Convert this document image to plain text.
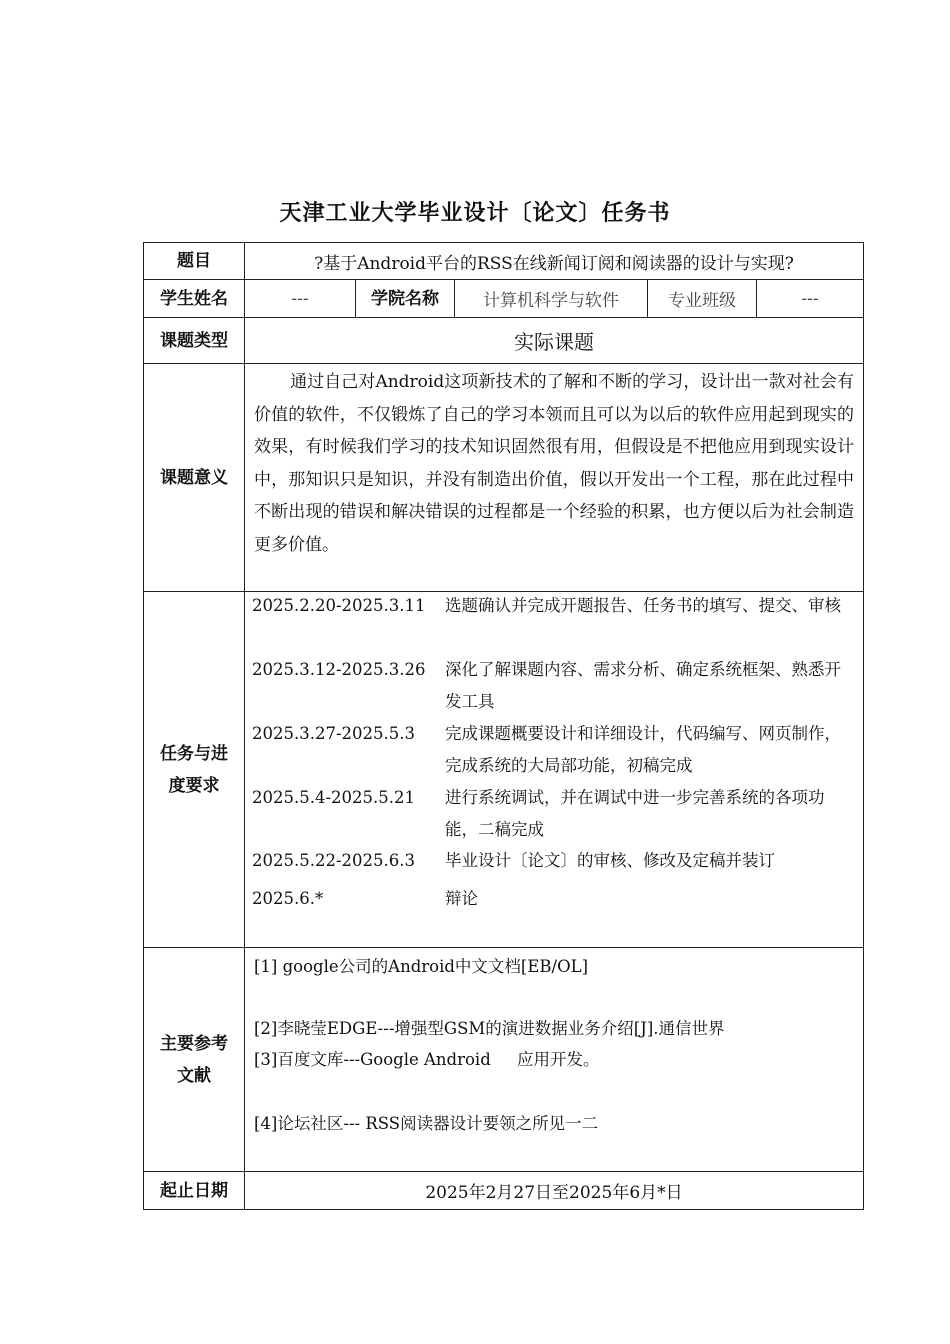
天津工业大学毕业设计〔论文〕任务书
题目	?基于Android平台的RSS在线新闻订阅和阅读器的设计与实现?
学生姓名	---	学院名称	计算机科学与软件	专业班级	---
课题类型	实际课题
课题意义
通过自己对Android这项新技术的了解和不断的学习，设计出一款对社会有价值的软件，不仅锻炼了自己的学习本领而且可以为以后的软件应用起到现实的效果，有时候我们学习的技术知识固然很有用，但假设是不把他应用到现实设计中，那知识只是知识，并没有制造出价值，假以开发出一个工程，那在此过程中不断出现的错误和解决错误的过程都是一个经验的积累，也方便以后为社会制造更多价值。
任务与进
度要求
2025.2.20-2025.3.11 选题确认并完成开题报告、任务书的填写、提交、审核
2025.3.12-2025.3.26 深化了解课题内容、需求分析、确定系统框架、熟悉开发工具
2025.3.27-2025.5.3 完成课题概要设计和详细设计，代码编写、网页制作，完成系统的大局部功能，初稿完成
2025.5.4-2025.5.21 进行系统调试，并在调试中进一步完善系统的各项功能，二稿完成
2025.5.22-2025.6.3 毕业设计〔论文〕的审核、修改及定稿并装订
2025.6.*	辩论
主要参考
文献
[1] google公司的Android中文文档[EB/OL]
[2]李晓莹EDGE---增强型GSM的演进数据业务介绍[J].通信世界
[3]百度文库---Google Android     应用开发。
[4]论坛社区--- RSS阅读器设计要领之所见一二
起止日期	2025年2月27日至2025年6月*日
